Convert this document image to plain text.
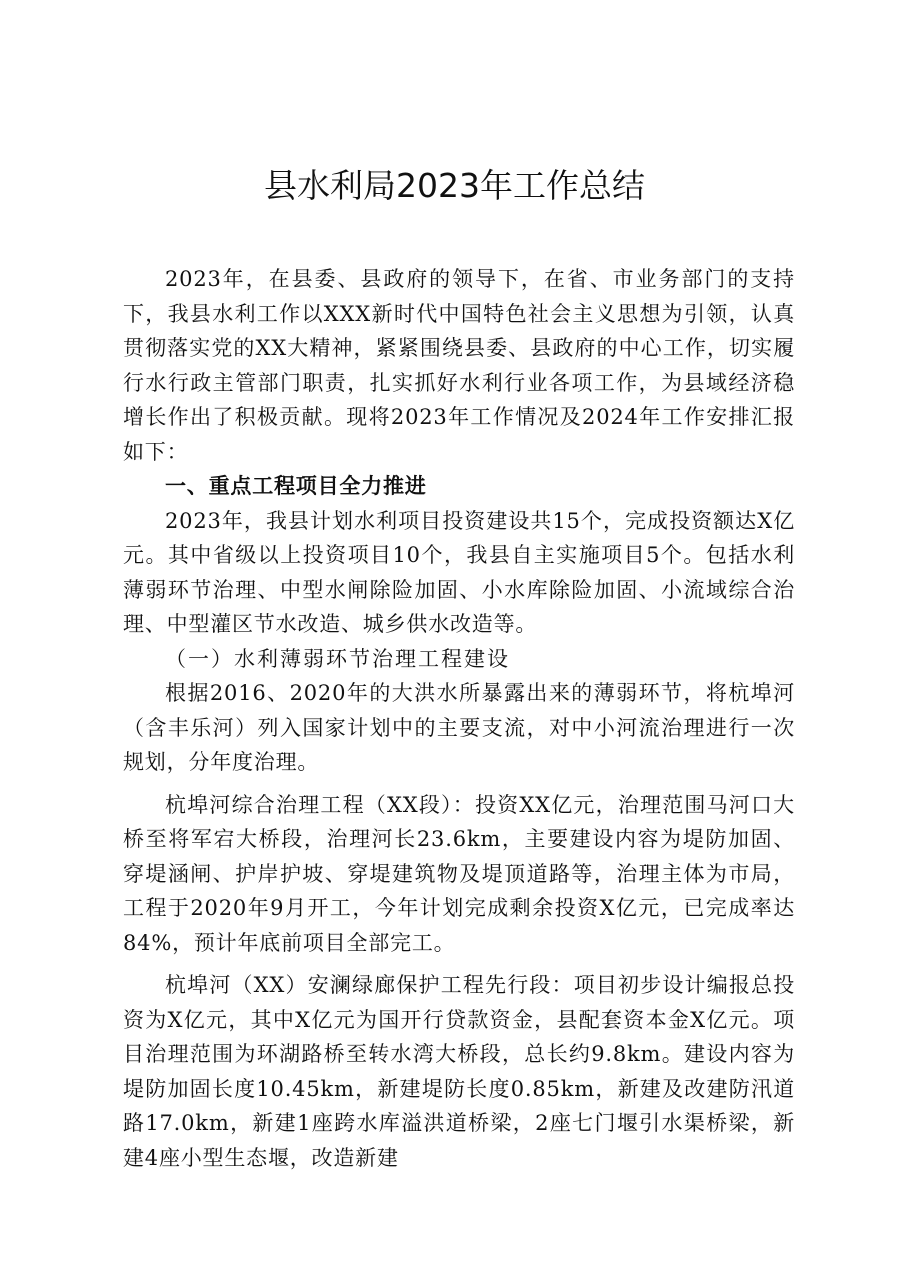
县水利局2023年工作总结

2023年，在县委、县政府的领导下，在省、市业务部门的支持下，我县水利工作以XXX新时代中国特色社会主义思想为引领，认真贯彻落实党的XX大精神，紧紧围绕县委、县政府的中心工作，切实履行水行政主管部门职责，扎实抓好水利行业各项工作，为县域经济稳增长作出了积极贡献。现将2023年工作情况及2024年工作安排汇报如下：

一、重点工程项目全力推进

2023年，我县计划水利项目投资建设共15个，完成投资额达X亿元。其中省级以上投资项目10个，我县自主实施项目5个。包括水利薄弱环节治理、中型水闸除险加固、小水库除险加固、小流域综合治理、中型灌区节水改造、城乡供水改造等。

（一）水利薄弱环节治理工程建设

根据2016、2020年的大洪水所暴露出来的薄弱环节，将杭埠河（含丰乐河）列入国家计划中的主要支流，对中小河流治理进行一次规划，分年度治理。

杭埠河综合治理工程（XX段）：投资XX亿元，治理范围马河口大桥至将军宕大桥段，治理河长23.6km，主要建设内容为堤防加固、穿堤涵闸、护岸护坡、穿堤建筑物及堤顶道路等，治理主体为市局，工程于2020年9月开工，今年计划完成剩余投资X亿元，已完成率达84%，预计年底前项目全部完工。

杭埠河（XX）安澜绿廊保护工程先行段：项目初步设计编报总投资为X亿元，其中X亿元为国开行贷款资金，县配套资本金X亿元。项目治理范围为环湖路桥至转水湾大桥段，总长约9.8km。建设内容为堤防加固长度10.45km，新建堤防长度0.85km，新建及改建防汛道路17.0km，新建1座跨水库溢洪道桥梁，2座七门堰引水渠桥梁，新建4座小型生态堰，改造新建
